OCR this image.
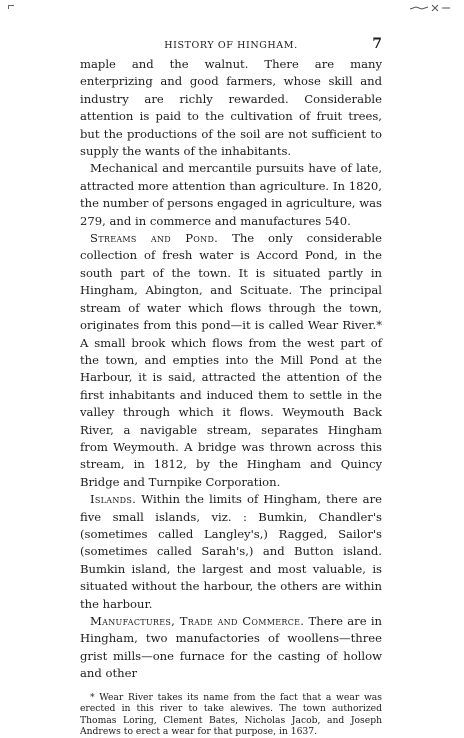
HISTORY OF HINGHAM.	7

maple and the walnut. There are many enterprizing and good farmers, whose skill and industry are richly rewarded. Considerable attention is paid to the cultivation of fruit trees, but the productions of the soil are not sufficient to supply the wants of the inhabitants.

Mechanical and mercantile pursuits have of late, attracted more attention than agriculture. In 1820, the number of persons engaged in agriculture, was 279, and in commerce and manufactures 540.

Streams and Pond. The only considerable collection of fresh water is Accord Pond, in the south part of the town. It is situated partly in Hingham, Abington, and Scituate. The principal stream of water which flows through the town, originates from this pond—it is called Wear River.* A small brook which flows from the west part of the town, and empties into the Mill Pond at the Harbour, it is said, attracted the attention of the first inhabitants and induced them to settle in the valley through which it flows. Weymouth Back River, a navigable stream, separates Hingham from Weymouth. A bridge was thrown across this stream, in 1812, by the Hingham and Quincy Bridge and Turnpike Corporation.

Islands. Within the limits of Hingham, there are five small islands, viz. : Bumkin, Chandler's (sometimes called Langley's,) Ragged, Sailor's (sometimes called Sarah's,) and Button island. Bumkin island, the largest and most valuable, is situated without the harbour, the others are within the harbour.

Manufactures, Trade and Commerce. There are in Hingham, two manufactories of woollens—three grist mills—one furnace for the casting of hollow and other

* Wear River takes its name from the fact that a wear was erected in this river to take alewives. The town authorized Thomas Loring, Clement Bates, Nicholas Jacob, and Joseph Andrews to erect a wear for that purpose, in 1637.
